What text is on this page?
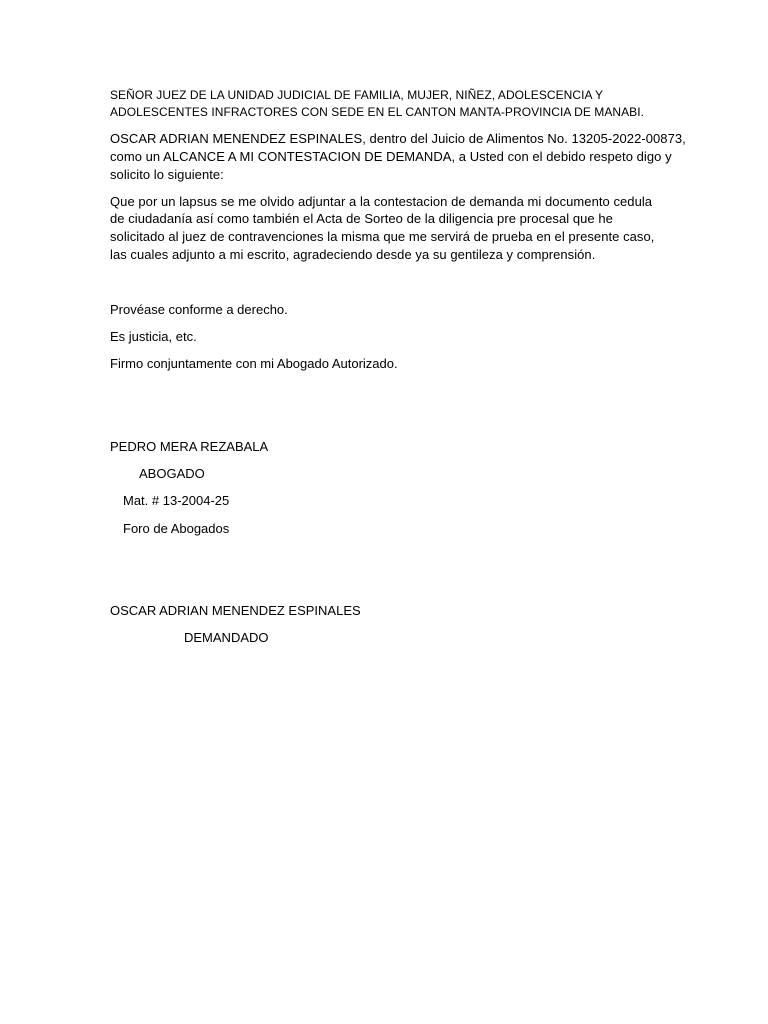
SEÑOR JUEZ DE LA UNIDAD JUDICIAL DE FAMILIA, MUJER, NIÑEZ, ADOLESCENCIA Y
ADOLESCENTES INFRACTORES CON SEDE EN EL CANTON MANTA-PROVINCIA DE MANABI.
OSCAR ADRIAN MENENDEZ ESPINALES, dentro del Juicio de Alimentos No. 13205-2022-00873,
como un ALCANCE A MI CONTESTACION DE DEMANDA, a Usted con el debido respeto digo y
solicito lo siguiente:
Que por un lapsus se me olvido adjuntar a la contestacion de demanda mi documento cedula
de ciudadanía así como también el Acta de Sorteo de la diligencia pre procesal que he
solicitado al juez de contravenciones la misma que me servirá de prueba en el presente caso,
las cuales adjunto a mi escrito, agradeciendo desde ya su gentileza y comprensión.
Provéase conforme a derecho.
Es justicia, etc.
Firmo conjuntamente con mi Abogado Autorizado.
PEDRO MERA REZABALA
ABOGADO
Mat. # 13-2004-25
Foro de Abogados
OSCAR ADRIAN MENENDEZ ESPINALES
DEMANDADO
